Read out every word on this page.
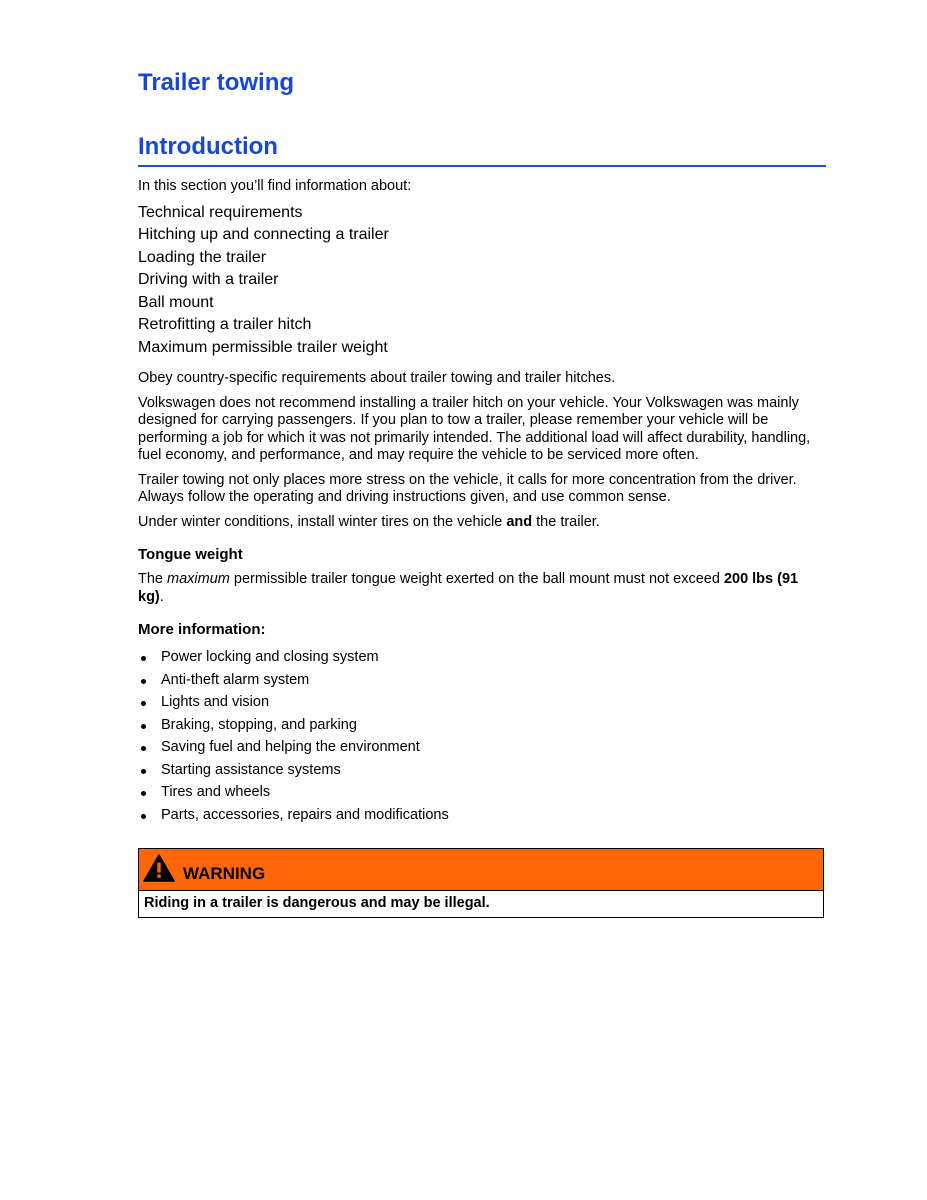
Trailer towing
Introduction

In this section you’ll find information about:

Technical requirements
Hitching up and connecting a trailer
Loading the trailer
Driving with a trailer
Ball mount
Retrofitting a trailer hitch
Maximum permissible trailer weight

Obey country-specific requirements about trailer towing and trailer hitches.

Volkswagen does not recommend installing a trailer hitch on your vehicle. Your Volkswagen was mainly designed for carrying passengers. If you plan to tow a trailer, please remember your vehicle will be performing a job for which it was not primarily intended. The additional load will affect durability, handling, fuel economy, and performance, and may require the vehicle to be serviced more often.

Trailer towing not only places more stress on the vehicle, it calls for more concentration from the driver. Always follow the operating and driving instructions given, and use common sense.

Under winter conditions, install winter tires on the vehicle and the trailer.

Tongue weight

The maximum permissible trailer tongue weight exerted on the ball mount must not exceed 200 lbs (91 kg).

More information:
Power locking and closing system
Anti-theft alarm system
Lights and vision
Braking, stopping, and parking
Saving fuel and helping the environment
Starting assistance systems
Tires and wheels
Parts, accessories, repairs and modifications
WARNING
Riding in a trailer is dangerous and may be illegal.
